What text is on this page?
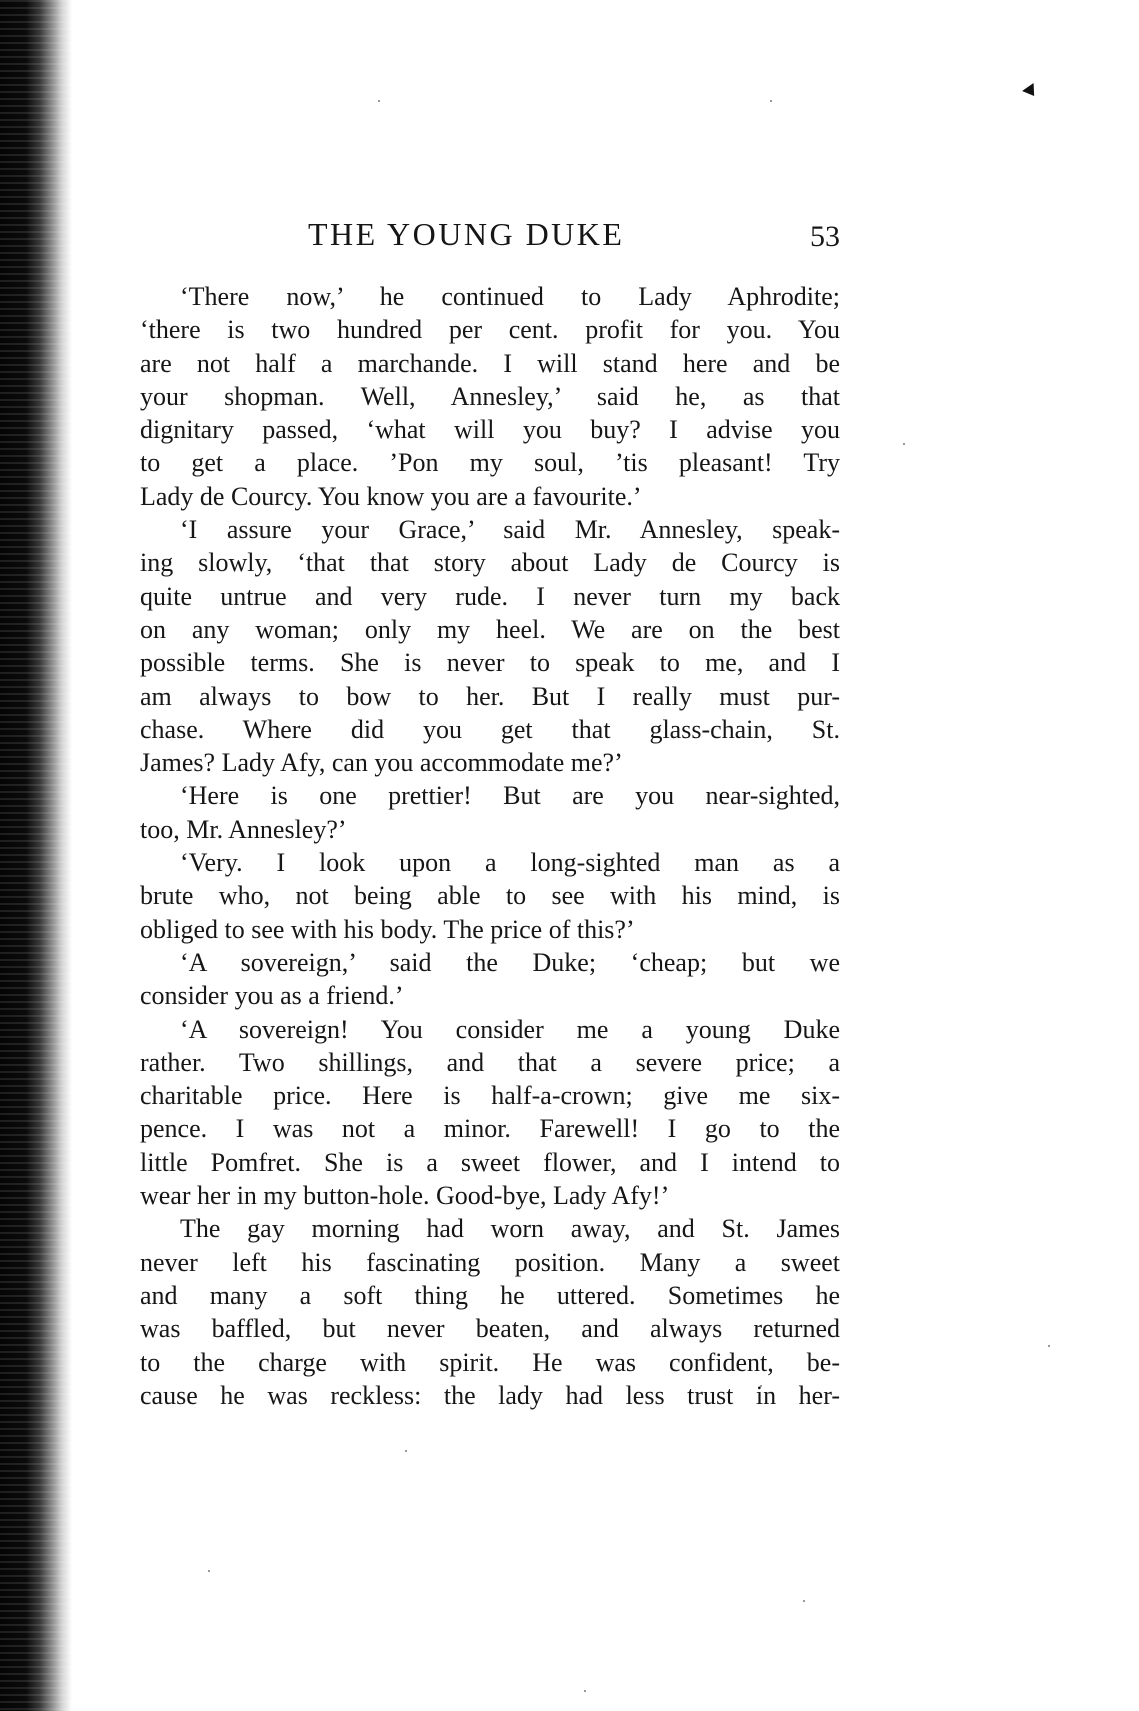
THE YOUNG DUKE	53
‘There now,’ he continued to Lady Aphrodite;
‘there is two hundred per cent. profit for you. You
are not half a marchande. I will stand here and be
your shopman. Well, Annesley,’ said he, as that
dignitary passed, ‘what will you buy? I advise you
to get a place. ’Pon my soul, ’tis pleasant! Try
Lady de Courcy. You know you are a favourite.’
‘I assure your Grace,’ said Mr. Annesley, speak-
ing slowly, ‘that that story about Lady de Courcy is
quite untrue and very rude. I never turn my back
on any woman; only my heel. We are on the best
possible terms. She is never to speak to me, and I
am always to bow to her. But I really must pur-
chase. Where did you get that glass-chain, St.
James? Lady Afy, can you accommodate me?’
‘Here is one prettier! But are you near-sighted,
too, Mr. Annesley?’
‘Very. I look upon a long-sighted man as a
brute who, not being able to see with his mind, is
obliged to see with his body. The price of this?’
‘A sovereign,’ said the Duke; ‘cheap; but we
consider you as a friend.’
‘A sovereign! You consider me a young Duke
rather. Two shillings, and that a severe price; a
charitable price. Here is half-a-crown; give me six-
pence. I was not a minor. Farewell! I go to the
little Pomfret. She is a sweet flower, and I intend to
wear her in my button-hole. Good-bye, Lady Afy!’
The gay morning had worn away, and St. James
never left his fascinating position. Many a sweet
and many a soft thing he uttered. Sometimes he
was baffled, but never beaten, and always returned
to the charge with spirit. He was confident, be-
cause he was reckless: the lady had less trust in her-
